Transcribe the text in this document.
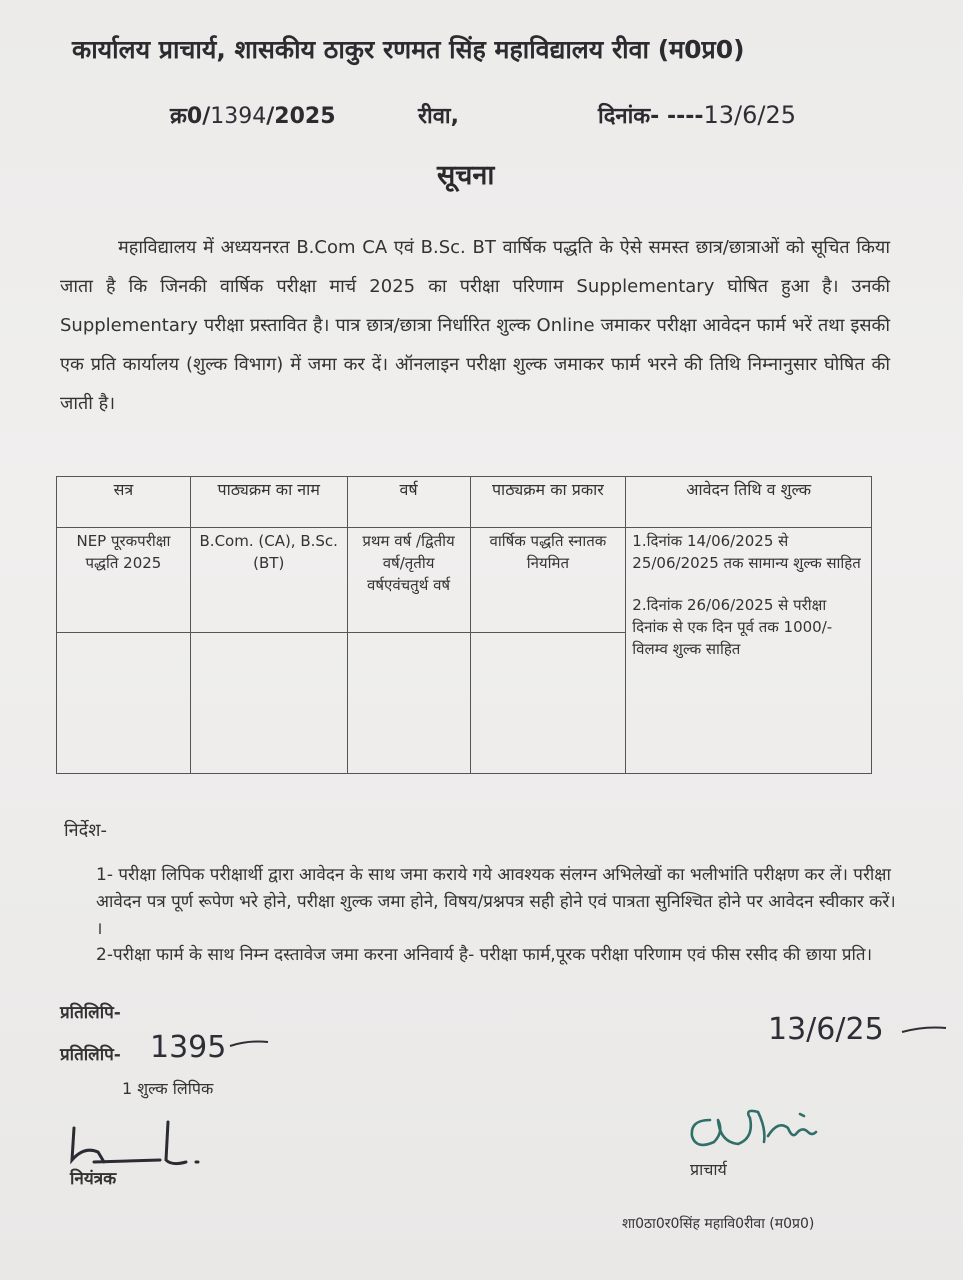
कार्यालय प्राचार्य, शासकीय ठाकुर रणमत सिंह महाविद्यालय रीवा (म0प्र0)
क्र0/1394/2025	रीवा,	दिनांक- ----13/6/25
सूचना
महाविद्यालय में अध्ययनरत B.Com CA एवं B.Sc. BT वार्षिक पद्धति के ऐसे समस्त छात्र/छात्राओं को सूचित किया जाता है कि जिनकी वार्षिक परीक्षा मार्च 2025 का परीक्षा परिणाम Supplementary घोषित हुआ है। उनकी Supplementary परीक्षा प्रस्तावित है। पात्र छात्र/छात्रा निर्धारित शुल्क Online जमाकर परीक्षा आवेदन फार्म भरें तथा इसकी एक प्रति कार्यालय (शुल्क विभाग) में जमा कर दें। ऑनलाइन परीक्षा शुल्क जमाकर फार्म भरने की तिथि निम्नानुसार घोषित की जाती है।
सत्र	पाठ्यक्रम का नाम	वर्ष	पाठ्यक्रम का प्रकार	आवेदन तिथि व शुल्क
NEP पूरकपरीक्षा पद्धति 2025	B.Com. (CA), B.Sc. (BT)	प्रथम वर्ष /द्वितीय वर्ष/तृतीय वर्षएवंचतुर्थ वर्ष	वार्षिक पद्धति स्नातक नियमित	1.दिनांक 14/06/2025 से 25/06/2025 तक सामान्य शुल्क साहित
2.दिनांक 26/06/2025 से परीक्षा दिनांक से एक दिन पूर्व तक 1000/- विलम्व शुल्क साहित

निर्देश-
1- परीक्षा लिपिक परीक्षार्थी द्वारा आवेदन के साथ जमा कराये गये आवश्यक संलग्न अभिलेखों का भलीभांति परीक्षण कर लें। परीक्षा आवेदन पत्र पूर्ण रूपेण भरे होने, परीक्षा शुल्क जमा होने, विषय/प्रश्नपत्र सही होने एवं पात्रता सुनिश्चित होने पर आवेदन स्वीकार करें। ।
2-परीक्षा फार्म के साथ निम्न दस्तावेज जमा करना अनिवार्य है- परीक्षा फार्म,पूरक परीक्षा परिणाम एवं फीस रसीद की छाया प्रति।
प्रतिलिपि-
प्रतिलिपि- 1395
1 शुल्क लिपिक
13/6/25
नियंत्रक	प्राचार्य
शा0ठा0र0सिंह महावि0रीवा (म0प्र0)
